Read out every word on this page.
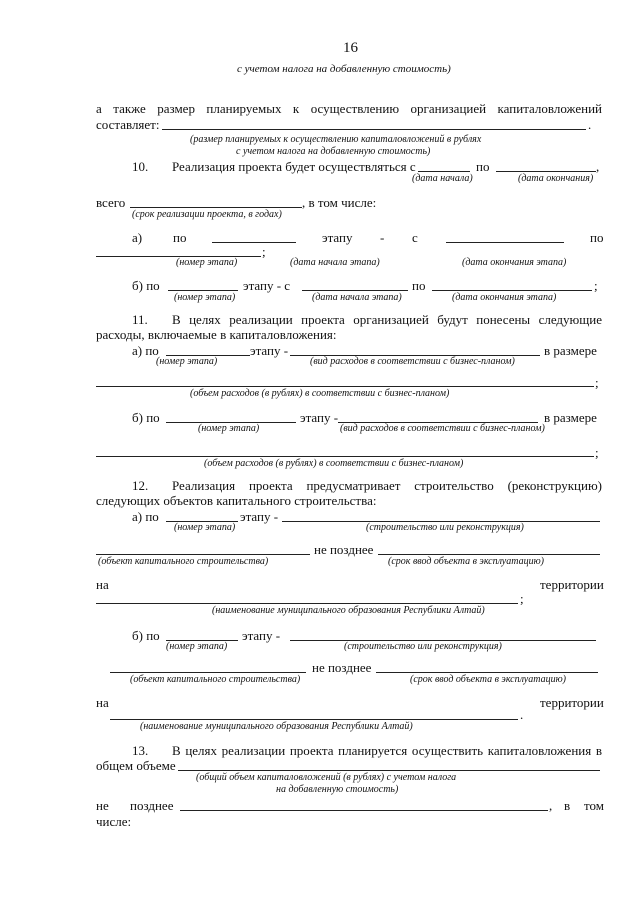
16
с учетом налога на добавленную стоимость)
а также размер планируемых к осуществлению организацией капиталовложений
составляет:	.
(размер планируемых к осуществлению капиталовложений в рублях
с учетом налога на добавленную стоимость)
10. Реализация проекта будет осуществляться с	по	,
(дата начала)	(дата окончания)
всего	, в том числе:
(срок реализации проекта, в годах)
а) по	этапу - с	по
;
(номер этапа)	(дата начала этапа)	(дата окончания этапа)
б) по	этапу - с	по	;
(номер этапа)	(дата начала этапа)	(дата окончания этапа)
11. В целях реализации проекта организацией будут понесены следующие
расходы, включаемые в капиталовложения:
а) по	этапу -	в размере
(номер этапа)	(вид расходов в соответствии с бизнес-планом)
;
(объем расходов (в рублях) в соответствии с бизнес-планом)
б) по	этапу -	в размере
(номер этапа)	(вид расходов в соответствии с бизнес-планом)
;
(объем расходов (в рублях) в соответствии с бизнес-планом)
12. Реализация проекта предусматривает строительство (реконструкцию)
следующих объектов капитального строительства:
а) по	этапу -
(номер этапа)	(строительство или реконструкция)
не позднее
(объект капитального строительства)	(срок ввод объекта в эксплуатацию)
на	территории
;
(наименование муниципального образования Республики Алтай)
б) по	этапу -
(номер этапа)	(строительство или реконструкция)
не позднее
(объект капитального строительства)	(срок ввод объекта в эксплуатацию)
на	территории
.
(наименование муниципального образования Республики Алтай)
13. В целях реализации проекта планируется осуществить капиталовложения в
общем объеме
(общий объем капиталовложений (в рублях) с учетом налога
на добавленную стоимость)
не позднее	, в том
числе:
